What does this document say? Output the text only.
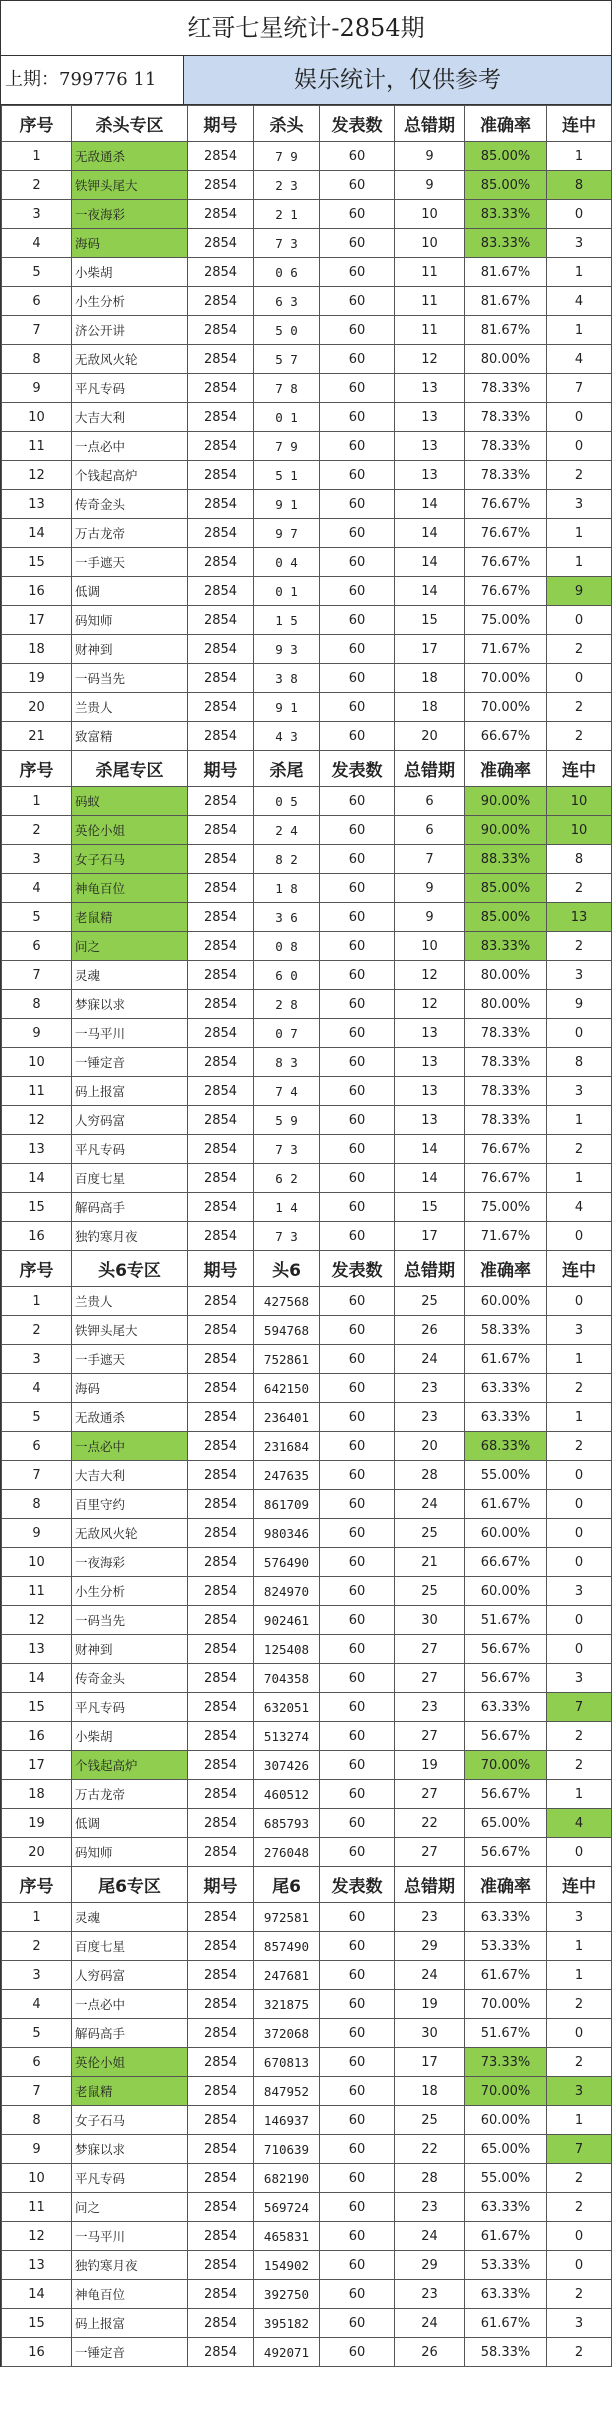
红哥七星统计-2854期
上期：799776 11	娱乐统计，仅供参考
序号	杀头专区	期号	杀头	发表数	总错期	准确率	连中
1	无敌通杀	2854	7 9	60	9	85.00%	1
2	铁钾头尾大	2854	2 3	60	9	85.00%	8
3	一夜海彩	2854	2 1	60	10	83.33%	0
4	海码	2854	7 3	60	10	83.33%	3
5	小柴胡	2854	0 6	60	11	81.67%	1
6	小生分析	2854	6 3	60	11	81.67%	4
7	济公开讲	2854	5 0	60	11	81.67%	1
8	无敌风火轮	2854	5 7	60	12	80.00%	4
9	平凡专码	2854	7 8	60	13	78.33%	7
10	大吉大利	2854	0 1	60	13	78.33%	0
11	一点必中	2854	7 9	60	13	78.33%	0
12	个钱起高炉	2854	5 1	60	13	78.33%	2
13	传奇金头	2854	9 1	60	14	76.67%	3
14	万古龙帝	2854	9 7	60	14	76.67%	1
15	一手遮天	2854	0 4	60	14	76.67%	1
16	低调	2854	0 1	60	14	76.67%	9
17	码知师	2854	1 5	60	15	75.00%	0
18	财神到	2854	9 3	60	17	71.67%	2
19	一码当先	2854	3 8	60	18	70.00%	0
20	兰贵人	2854	9 1	60	18	70.00%	2
21	致富精	2854	4 3	60	20	66.67%	2
序号	杀尾专区	期号	杀尾	发表数	总错期	准确率	连中
1	码蚁	2854	0 5	60	6	90.00%	10
2	英伦小姐	2854	2 4	60	6	90.00%	10
3	女子石马	2854	8 2	60	7	88.33%	8
4	神龟百位	2854	1 8	60	9	85.00%	2
5	老鼠精	2854	3 6	60	9	85.00%	13
6	问之	2854	0 8	60	10	83.33%	2
7	灵魂	2854	6 0	60	12	80.00%	3
8	梦寐以求	2854	2 8	60	12	80.00%	9
9	一马平川	2854	0 7	60	13	78.33%	0
10	一锤定音	2854	8 3	60	13	78.33%	8
11	码上报富	2854	7 4	60	13	78.33%	3
12	人穷码富	2854	5 9	60	13	78.33%	1
13	平凡专码	2854	7 3	60	14	76.67%	2
14	百度七星	2854	6 2	60	14	76.67%	1
15	解码高手	2854	1 4	60	15	75.00%	4
16	独钓寒月夜	2854	7 3	60	17	71.67%	0
序号	头6专区	期号	头6	发表数	总错期	准确率	连中
1	兰贵人	2854	427568	60	25	60.00%	0
2	铁钾头尾大	2854	594768	60	26	58.33%	3
3	一手遮天	2854	752861	60	24	61.67%	1
4	海码	2854	642150	60	23	63.33%	2
5	无敌通杀	2854	236401	60	23	63.33%	1
6	一点必中	2854	231684	60	20	68.33%	2
7	大吉大利	2854	247635	60	28	55.00%	0
8	百里守约	2854	861709	60	24	61.67%	0
9	无敌风火轮	2854	980346	60	25	60.00%	0
10	一夜海彩	2854	576490	60	21	66.67%	0
11	小生分析	2854	824970	60	25	60.00%	3
12	一码当先	2854	902461	60	30	51.67%	0
13	财神到	2854	125408	60	27	56.67%	0
14	传奇金头	2854	704358	60	27	56.67%	3
15	平凡专码	2854	632051	60	23	63.33%	7
16	小柴胡	2854	513274	60	27	56.67%	2
17	个钱起高炉	2854	307426	60	19	70.00%	2
18	万古龙帝	2854	460512	60	27	56.67%	1
19	低调	2854	685793	60	22	65.00%	4
20	码知师	2854	276048	60	27	56.67%	0
序号	尾6专区	期号	尾6	发表数	总错期	准确率	连中
1	灵魂	2854	972581	60	23	63.33%	3
2	百度七星	2854	857490	60	29	53.33%	1
3	人穷码富	2854	247681	60	24	61.67%	1
4	一点必中	2854	321875	60	19	70.00%	2
5	解码高手	2854	372068	60	30	51.67%	0
6	英伦小姐	2854	670813	60	17	73.33%	2
7	老鼠精	2854	847952	60	18	70.00%	3
8	女子石马	2854	146937	60	25	60.00%	1
9	梦寐以求	2854	710639	60	22	65.00%	7
10	平凡专码	2854	682190	60	28	55.00%	2
11	问之	2854	569724	60	23	63.33%	2
12	一马平川	2854	465831	60	24	61.67%	0
13	独钓寒月夜	2854	154902	60	29	53.33%	0
14	神龟百位	2854	392750	60	23	63.33%	2
15	码上报富	2854	395182	60	24	61.67%	3
16	一锤定音	2854	492071	60	26	58.33%	2
